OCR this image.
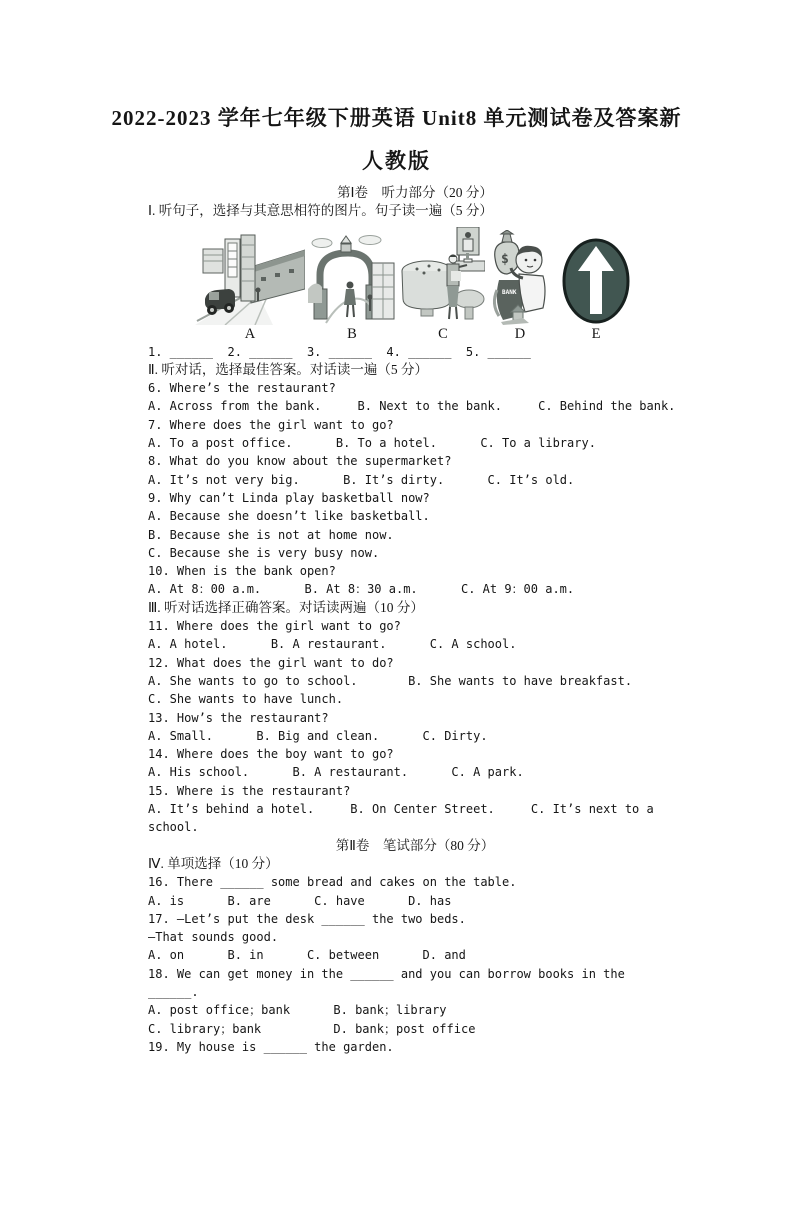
2022-2023 学年七年级下册英语 Unit8 单元测试卷及答案新
人教版
第Ⅰ卷　听力部分（20 分）
Ⅰ. 听句子，选择与其意思相符的图片。句子读一遍（5 分）
BANK
$
A	B	C	D	E
1. ______  2. ______  3. ______  4. ______  5. ______
Ⅱ. 听对话，选择最佳答案。对话读一遍（5 分）
6. Where’s the restaurant?
A. Across from the bank.     B. Next to the bank.     C. Behind the bank.
7. Where does the girl want to go?
A. To a post office.      B. To a hotel.      C. To a library.
8. What do you know about the supermarket?
A. It’s not very big.      B. It’s dirty.      C. It’s old.
9. Why can’t Linda play basketball now?
A. Because she doesn’t like basketball.
B. Because she is not at home now.
C. Because she is very busy now.
10. When is the bank open?
A. At 8：00 a.m.      B. At 8：30 a.m.      C. At 9：00 a.m.
Ⅲ. 听对话选择正确答案。对话读两遍（10 分）
11. Where does the girl want to go?
A. A hotel.      B. A restaurant.      C. A school.
12. What does the girl want to do?
A. She wants to go to school.       B. She wants to have breakfast.
C. She wants to have lunch.
13. How’s the restaurant?
A. Small.      B. Big and clean.      C. Dirty.
14. Where does the boy want to go?
A. His school.      B. A restaurant.      C. A park.
15. Where is the restaurant?
A. It’s behind a hotel.     B. On Center Street.     C. It’s next to a school.
第Ⅱ卷　笔试部分（80 分）
Ⅳ. 单项选择（10 分）
16. There ______ some bread and cakes on the table.
A. is      B. are      C. have      D. has
17. —Let’s put the desk ______ the two beds.
—That sounds good.
A. on      B. in      C. between      D. and
18. We can get money in the ______ and you can borrow books in the ______.
A. post office；bank      B. bank；library
C. library；bank          D. bank；post office
19. My house is ______ the garden.
